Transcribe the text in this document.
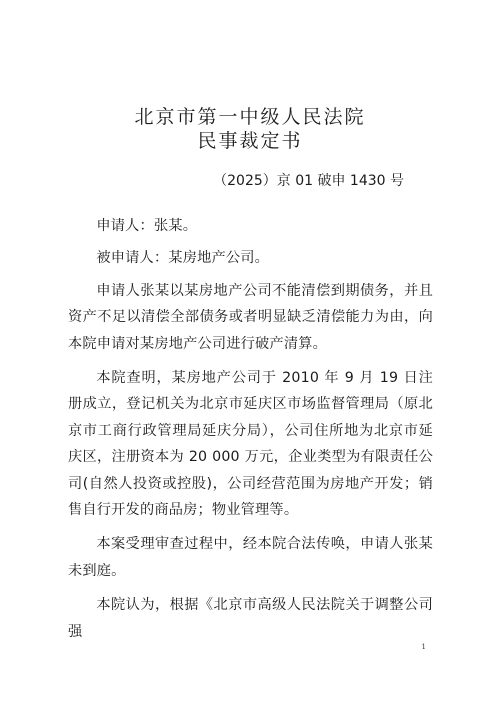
北京市第一中级人民法院
民事裁定书
（2025）京 01 破申 1430 号

申请人：张某。

被申请人：某房地产公司。

申请人张某以某房地产公司不能清偿到期债务，并且资产不足以清偿全部债务或者明显缺乏清偿能力为由，向本院申请对某房地产公司进行破产清算。

本院查明，某房地产公司于 2010 年 9 月 19 日注册成立，登记机关为北京市延庆区市场监督管理局（原北京市工商行政管理局延庆分局），公司住所地为北京市延庆区，注册资本为 20 000 万元，企业类型为有限责任公司(自然人投资或控股)，公司经营范围为房地产开发；销售自行开发的商品房；物业管理等。

本案受理审查过程中，经本院合法传唤，申请人张某未到庭。

本院认为，根据《北京市高级人民法院关于调整公司强

1
